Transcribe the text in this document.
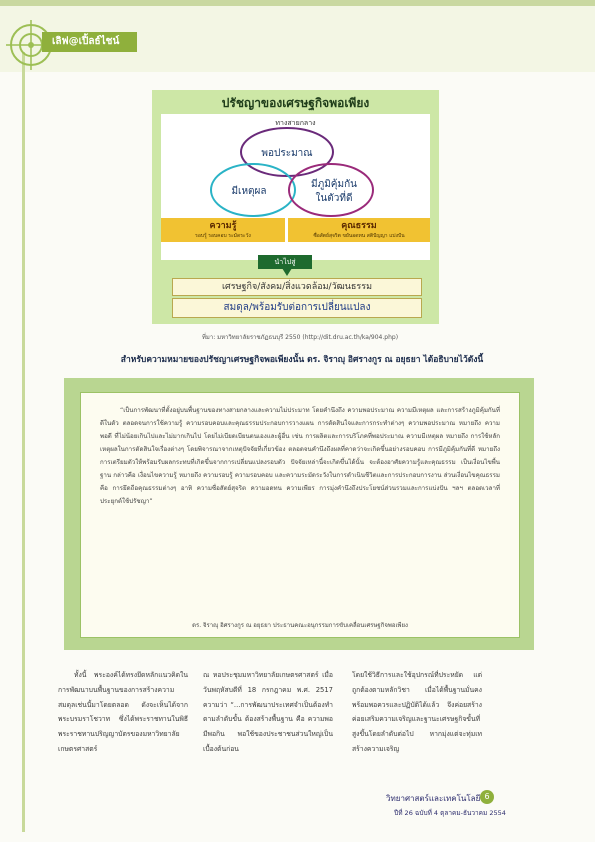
เลิฟ@เปิ้ลธ์ไชน์
ปรัชญาของเศรษฐกิจพอเพียง
ทางสายกลาง
พอประมาณ
มีเหตุผล
มีภูมิคุ้มกัน
ในตัวที่ดี
ความรู้
รอบรู้ รอบคอบ ระมัดระวัง
คุณธรรม
ซื่อสัตย์สุจริต ขยันอดทน สติปัญญา แบ่งปัน
นำไปสู่
เศรษฐกิจ/สังคม/สิ่งแวดล้อม/วัฒนธรรม
สมดุล/พร้อมรับต่อการเปลี่ยนแปลง
ที่มา: มหาวิทยาลัยราชภัฏธนบุรี 2550 (http://dit.dru.ac.th/ka/904.php)
สำหรับความหมายของปรัชญาเศรษฐกิจพอเพียงนั้น ดร. จิราญุ อิศรางกูร ณ อยุธยา ได้อธิบายไว้ดังนี้
“เป็นการพัฒนาที่ตั้งอยู่บนพื้นฐานของทางสายกลางและความไม่ประมาท โดยคำนึงถึง ความพอประมาณ ความมีเหตุผล และการสร้างภูมิคุ้มกันที่ดีในตัว ตลอดจนการใช้ความรู้ ความรอบคอบและคุณธรรมประกอบการวางแผน การตัดสินใจและการกระทำต่างๆ ความพอประมาณ หมายถึง ความพอดี ที่ไม่น้อยเกินไปและไม่มากเกินไป โดยไม่เบียดเบียนตนเองและผู้อื่น เช่น การผลิตและการบริโภคที่พอประมาณ ความมีเหตุผล หมายถึง การใช้หลักเหตุผลในการตัดสินใจเรื่องต่างๆ โดยพิจารณาจากเหตุปัจจัยที่เกี่ยวข้อง ตลอดจนคำนึงถึงผลที่คาดว่าจะเกิดขึ้นอย่างรอบคอบ การมีภูมิคุ้มกันที่ดี หมายถึง การเตรียมตัวให้พร้อมรับผลกระทบที่เกิดขึ้นจากการเปลี่ยนแปลงรอบตัว ปัจจัยเหล่านี้จะเกิดขึ้นได้นั้น จะต้องอาศัยความรู้และคุณธรรม เป็นเงื่อนไขพื้นฐาน กล่าวคือ เงื่อนไขความรู้ หมายถึง ความรอบรู้ ความรอบคอบ และความระมัดระวังในการดำเนินชีวิตและการประกอบการงาน ส่วนเงื่อนไขคุณธรรม คือ การยึดถือคุณธรรมต่างๆ อาทิ ความซื่อสัตย์สุจริต ความอดทน ความเพียร การมุ่งคำนึงถึงประโยชน์ส่วนรวมและการแบ่งปัน ฯลฯ ตลอดเวลาที่ประยุกต์ใช้ปรัชญา”
ดร. จิราญุ อิศรางกูร ณ อยุธยา ประธานคณะอนุกรรมการขับเคลื่อนเศรษฐกิจพอเพียง
ทั้งนี้ พระองค์ได้ทรงยึดหลักแนวคิดในการพัฒนาบนพื้นฐานของการสร้างความสมดุลเช่นนี้มาโดยตลอด ดังจะเห็นได้จากพระบรมราโชวาท ซึ่งได้พระราชทานในพิธีพระราชทานปริญญาบัตรของมหาวิทยาลัยเกษตรศาสตร์
ณ หอประชุมมหาวิทยาลัยเกษตรศาสตร์ เมื่อวันพฤหัสบดีที่ 18 กรกฎาคม พ.ศ. 2517 ความว่า “...การพัฒนาประเทศจำเป็นต้องทำตามลำดับขั้น ต้องสร้างพื้นฐาน คือ ความพอมีพอกิน พอใช้ของประชาชนส่วนใหญ่เป็นเบื้องต้นก่อน
โดยใช้วิธีการและใช้อุปกรณ์ที่ประหยัด แต่ถูกต้องตามหลักวิชา เมื่อได้พื้นฐานมั่นคงพร้อมพอควรและปฏิบัติได้แล้ว จึงค่อยสร้างค่อยเสริมความเจริญและฐานะเศรษฐกิจขั้นที่สูงขึ้นโดยลำดับต่อไป หากมุ่งแต่จะทุ่มเทสร้างความเจริญ
วิทยาศาสตร์และเทคโนโลยี 6
ปีที่ 26 ฉบับที่ 4 ตุลาคม-ธันวาคม 2554
